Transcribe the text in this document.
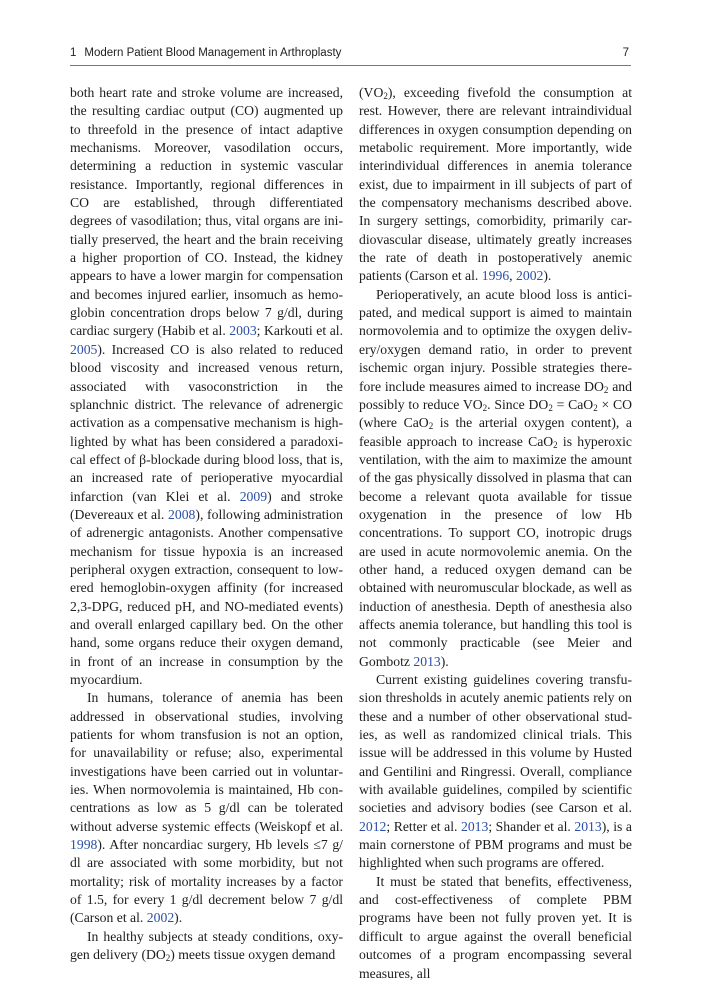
1 Modern Patient Blood Management in Arthroplasty	7

both heart rate and stroke volume are increased, the resulting cardiac output (CO) augmented up to threefold in the presence of intact adaptive mechanisms. Moreover, vasodilation occurs, determining a reduction in systemic vascular resistance. Importantly, regional differences in CO are established, through differentiated degrees of vasodilation; thus, vital organs are initially preserved, the heart and the brain receiving a higher proportion of CO. Instead, the kidney appears to have a lower margin for compensation and becomes injured earlier, insomuch as hemoglobin concentration drops below 7 g/dl, during cardiac surgery (Habib et al. 2003; Karkouti et al. 2005). Increased CO is also related to reduced blood viscosity and increased venous return, associated with vasoconstriction in the splanchnic district. The relevance of adrenergic activation as a compensative mechanism is highlighted by what has been considered a paradoxical effect of β-blockade during blood loss, that is, an increased rate of perioperative myocardial infarction (van Klei et al. 2009) and stroke (Devereaux et al. 2008), following administration of adrenergic antagonists. Another compensative mechanism for tissue hypoxia is an increased peripheral oxygen extraction, consequent to lowered hemoglobin-oxygen affinity (for increased 2,3-DPG, reduced pH, and NO-mediated events) and overall enlarged capillary bed. On the other hand, some organs reduce their oxygen demand, in front of an increase in consumption by the myocardium.

In humans, tolerance of anemia has been addressed in observational studies, involving patients for whom transfusion is not an option, for unavailability or refuse; also, experimental investigations have been carried out in voluntaries. When normovolemia is maintained, Hb concentrations as low as 5 g/dl can be tolerated without adverse systemic effects (Weiskopf et al. 1998). After noncardiac surgery, Hb levels ≤7 g/ dl are associated with some morbidity, but not mortality; risk of mortality increases by a factor of 1.5, for every 1 g/dl decrement below 7 g/dl (Carson et al. 2002).

In healthy subjects at steady conditions, oxygen delivery $(DO_2)$ meets tissue oxygen demand

$(VO_2)$, exceeding fivefold the consumption at rest. However, there are relevant intraindividual differences in oxygen consumption depending on metabolic requirement. More importantly, wide interindividual differences in anemia tolerance exist, due to impairment in ill subjects of part of the compensatory mechanisms described above. In surgery settings, comorbidity, primarily cardiovascular disease, ultimately greatly increases the rate of death in postoperatively anemic patients (Carson et al. 1996, 2002).

Perioperatively, an acute blood loss is anticipated, and medical support is aimed to maintain normovolemia and to optimize the oxygen delivery/oxygen demand ratio, in order to prevent ischemic organ injury. Possible strategies therefore include measures aimed to increase $DO_2$ and possibly to reduce $VO_2$. Since $DO_2 = CaO_2$ × CO (where CaO$_2$ is the arterial oxygen content), a feasible approach to increase CaO$_2$ is hyperoxic ventilation, with the aim to maximize the amount of the gas physically dissolved in plasma that can become a relevant quota available for tissue oxygenation in the presence of low Hb concentrations. To support CO, inotropic drugs are used in acute normovolemic anemia. On the other hand, a reduced oxygen demand can be obtained with neuromuscular blockade, as well as induction of anesthesia. Depth of anesthesia also affects anemia tolerance, but handling this tool is not commonly practicable (see Meier and Gombotz 2013).

Current existing guidelines covering transfusion thresholds in acutely anemic patients rely on these and a number of other observational studies, as well as randomized clinical trials. This issue will be addressed in this volume by Husted and Gentilini and Ringressi. Overall, compliance with available guidelines, compiled by scientific societies and advisory bodies (see Carson et al. 2012; Retter et al. 2013; Shander et al. 2013), is a main cornerstone of PBM programs and must be highlighted when such programs are offered.

It must be stated that benefits, effectiveness, and cost-effectiveness of complete PBM programs have been not fully proven yet. It is difficult to argue against the overall beneficial outcomes of a program encompassing several measures, all
